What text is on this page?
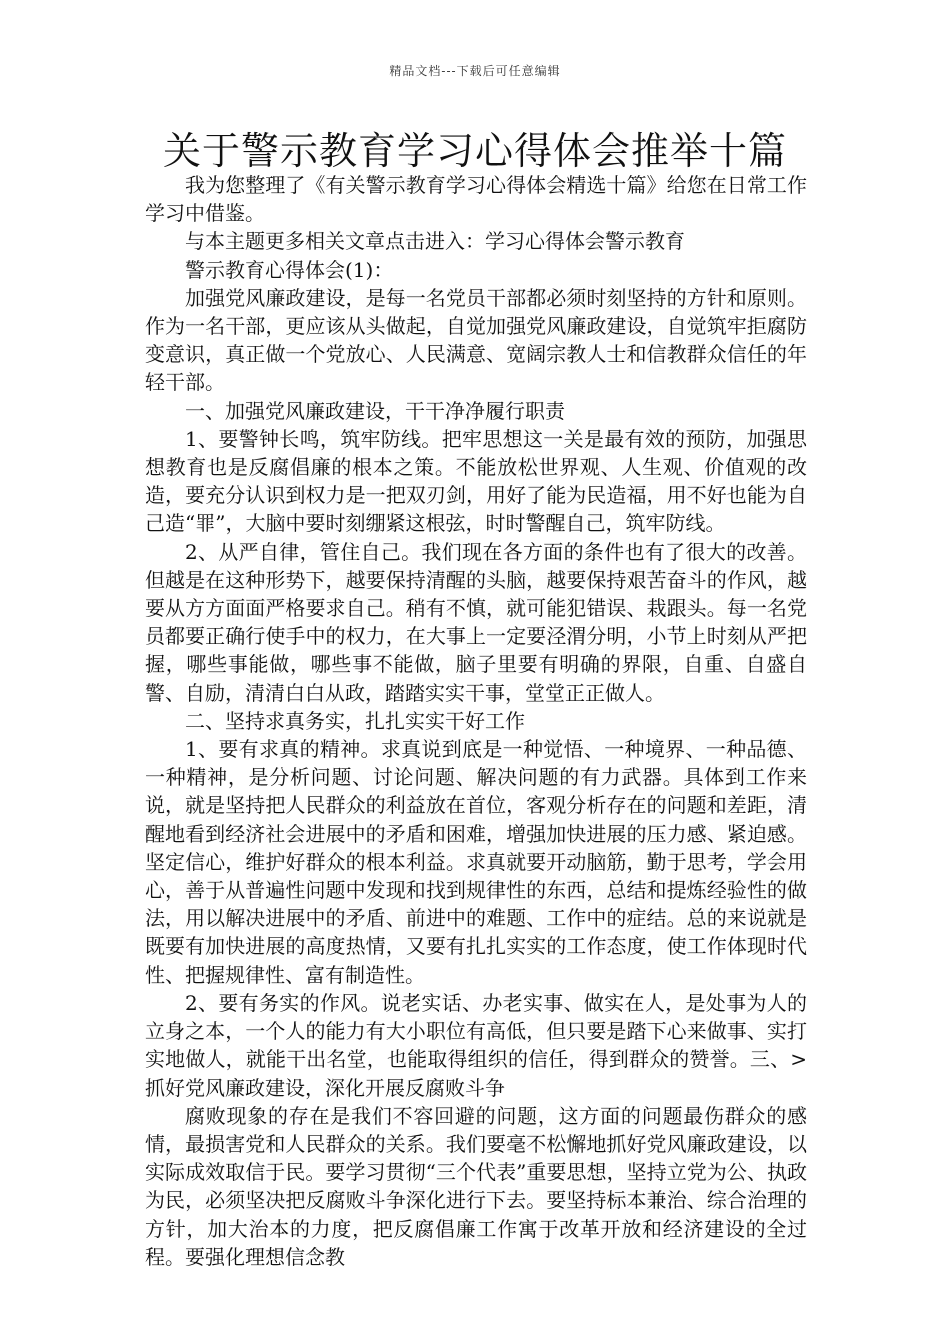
精品文档---下载后可任意编辑
关于警示教育学习心得体会推举十篇

我为您整理了《有关警示教育学习心得体会精选十篇》给您在日常工作学习中借鉴。

与本主题更多相关文章点击进入：学习心得体会警示教育

警示教育心得体会(1)：

加强党风廉政建设，是每一名党员干部都必须时刻坚持的方针和原则。作为一名干部，更应该从头做起，自觉加强党风廉政建设，自觉筑牢拒腐防变意识，真正做一个党放心、人民满意、宽阔宗教人士和信教群众信任的年轻干部。

一、加强党风廉政建设，干干净净履行职责

1、要警钟长鸣，筑牢防线。把牢思想这一关是最有效的预防，加强思想教育也是反腐倡廉的根本之策。不能放松世界观、人生观、价值观的改造，要充分认识到权力是一把双刃剑，用好了能为民造福，用不好也能为自己造“罪”，大脑中要时刻绷紧这根弦，时时警醒自己，筑牢防线。

2、从严自律，管住自己。我们现在各方面的条件也有了很大的改善。但越是在这种形势下，越要保持清醒的头脑，越要保持艰苦奋斗的作风，越要从方方面面严格要求自己。稍有不慎，就可能犯错误、栽跟头。每一名党员都要正确行使手中的权力，在大事上一定要泾渭分明，小节上时刻从严把握，哪些事能做，哪些事不能做，脑子里要有明确的界限，自重、自盛自警、自励，清清白白从政，踏踏实实干事，堂堂正正做人。

二、坚持求真务实，扎扎实实干好工作

1、要有求真的精神。求真说到底是一种觉悟、一种境界、一种品德、一种精神，是分析问题、讨论问题、解决问题的有力武器。具体到工作来说，就是坚持把人民群众的利益放在首位，客观分析存在的问题和差距，清醒地看到经济社会进展中的矛盾和困难，增强加快进展的压力感、紧迫感。坚定信心，维护好群众的根本利益。求真就要开动脑筋，勤于思考，学会用心，善于从普遍性问题中发现和找到规律性的东西，总结和提炼经验性的做法，用以解决进展中的矛盾、前进中的难题、工作中的症结。总的来说就是既要有加快进展的高度热情，又要有扎扎实实的工作态度，使工作体现时代性、把握规律性、富有制造性。

2、要有务实的作风。说老实话、办老实事、做实在人，是处事为人的立身之本，一个人的能力有大小职位有高低，但只要是踏下心来做事、实打实地做人，就能干出名堂，也能取得组织的信任，得到群众的赞誉。三、>抓好党风廉政建设，深化开展反腐败斗争

腐败现象的存在是我们不容回避的问题，这方面的问题最伤群众的感情，最损害党和人民群众的关系。我们要毫不松懈地抓好党风廉政建设，以实际成效取信于民。要学习贯彻“三个代表”重要思想，坚持立党为公、执政为民，必须坚决把反腐败斗争深化进行下去。要坚持标本兼治、综合治理的方针，加大治本的力度，把反腐倡廉工作寓于改革开放和经济建设的全过程。要强化理想信念教
